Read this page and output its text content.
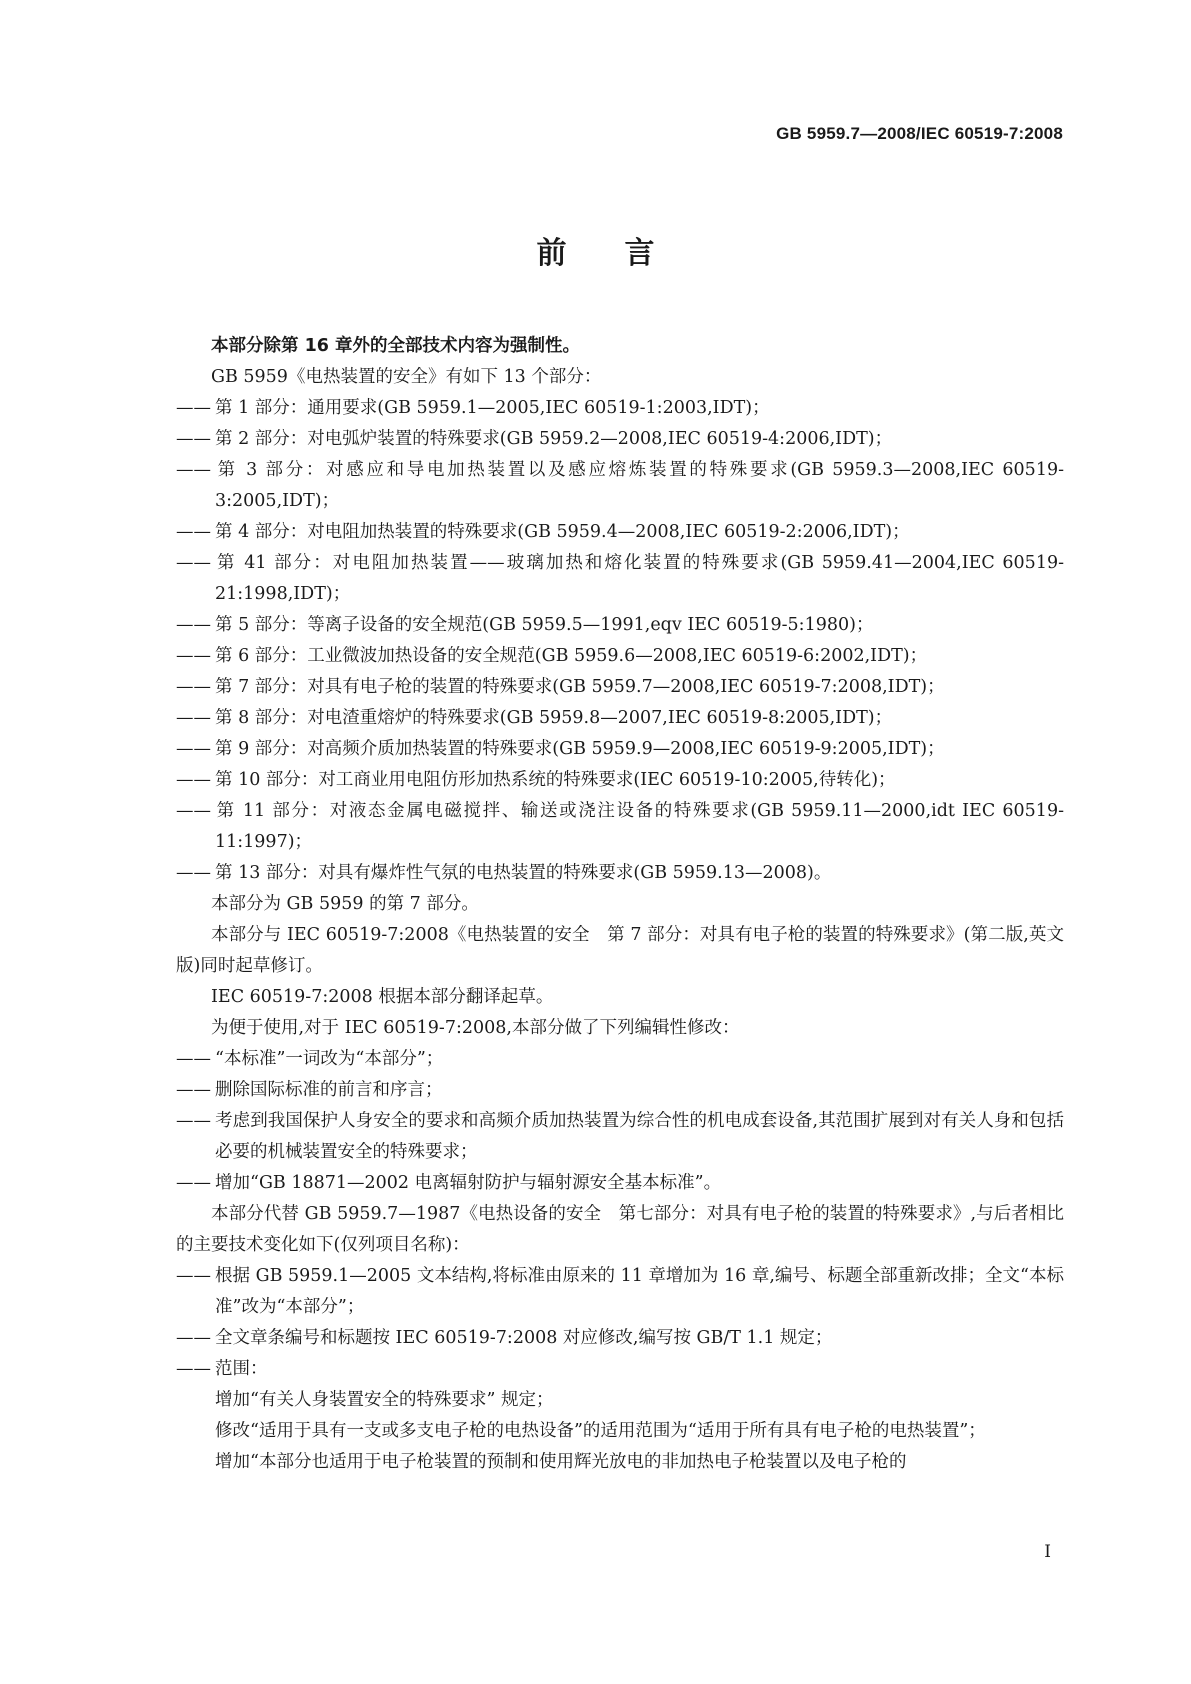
GB 5959.7—2008/IEC 60519-7:2008
前言
本部分除第 16 章外的全部技术内容为强制性。
GB 5959《电热装置的安全》有如下 13 个部分：
—— 第 1 部分：通用要求(GB 5959.1—2005,IEC 60519-1:2003,IDT)；
—— 第 2 部分：对电弧炉装置的特殊要求(GB 5959.2—2008,IEC 60519-4:2006,IDT)；
—— 第 3 部分：对感应和导电加热装置以及感应熔炼装置的特殊要求(GB 5959.3—2008,IEC 60519-3:2005,IDT)；
—— 第 4 部分：对电阻加热装置的特殊要求(GB 5959.4—2008,IEC 60519-2:2006,IDT)；
—— 第 41 部分：对电阻加热装置——玻璃加热和熔化装置的特殊要求(GB 5959.41—2004,IEC 60519-21:1998,IDT)；
—— 第 5 部分：等离子设备的安全规范(GB 5959.5—1991,eqv IEC 60519-5:1980)；
—— 第 6 部分：工业微波加热设备的安全规范(GB 5959.6—2008,IEC 60519-6:2002,IDT)；
—— 第 7 部分：对具有电子枪的装置的特殊要求(GB 5959.7—2008,IEC 60519-7:2008,IDT)；
—— 第 8 部分：对电渣重熔炉的特殊要求(GB 5959.8—2007,IEC 60519-8:2005,IDT)；
—— 第 9 部分：对高频介质加热装置的特殊要求(GB 5959.9—2008,IEC 60519-9:2005,IDT)；
—— 第 10 部分：对工商业用电阻仿形加热系统的特殊要求(IEC 60519-10:2005,待转化)；
—— 第 11 部分：对液态金属电磁搅拌、输送或浇注设备的特殊要求(GB 5959.11—2000,idt IEC 60519-11:1997)；
—— 第 13 部分：对具有爆炸性气氛的电热装置的特殊要求(GB 5959.13—2008)。
本部分为 GB 5959 的第 7 部分。
本部分与 IEC 60519-7:2008《电热装置的安全　第 7 部分：对具有电子枪的装置的特殊要求》(第二版,英文版)同时起草修订。
IEC 60519-7:2008 根据本部分翻译起草。
为便于使用,对于 IEC 60519-7:2008,本部分做了下列编辑性修改：
—— “本标准”一词改为“本部分”；
—— 删除国际标准的前言和序言；
—— 考虑到我国保护人身安全的要求和高频介质加热装置为综合性的机电成套设备,其范围扩展到对有关人身和包括必要的机械装置安全的特殊要求；
—— 增加“GB 18871—2002 电离辐射防护与辐射源安全基本标准”。
本部分代替 GB 5959.7—1987《电热设备的安全　第七部分：对具有电子枪的装置的特殊要求》,与后者相比的主要技术变化如下(仅列项目名称)：
—— 根据 GB 5959.1—2005 文本结构,将标准由原来的 11 章增加为 16 章,编号、标题全部重新改排；全文“本标准”改为“本部分”；
—— 全文章条编号和标题按 IEC 60519-7:2008 对应修改,编写按 GB/T 1.1 规定；
—— 范围：
增加“有关人身装置安全的特殊要求” 规定；
修改“适用于具有一支或多支电子枪的电热设备”的适用范围为“适用于所有具有电子枪的电热装置”；
增加“本部分也适用于电子枪装置的预制和使用辉光放电的非加热电子枪装置以及电子枪的
I
